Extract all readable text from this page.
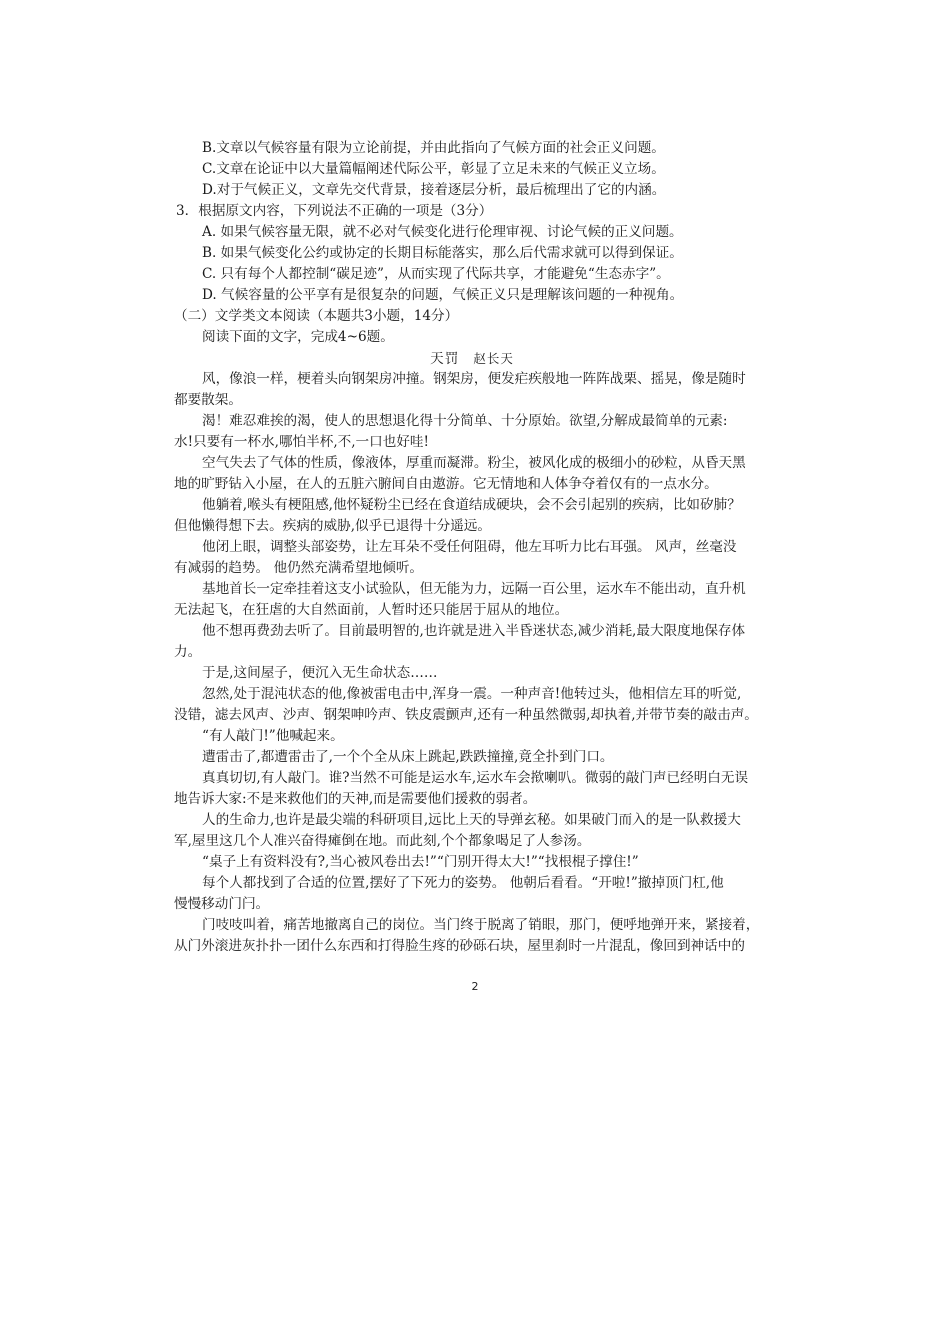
B.文章以气候容量有限为立论前提，并由此指向了气候方面的社会正义问题。
C.文章在论证中以大量篇幅阐述代际公平，彰显了立足未来的气候正义立场。
D.对于气候正义，文章先交代背景，接着逐层分析，最后梳理出了它的内涵。
3．根据原文内容，下列说法不正确的一项是（3分）
A. 如果气候容量无限，就不必对气候变化进行伦理审视、讨论气候的正义问题。
B. 如果气候变化公约或协定的长期目标能落实，那么后代需求就可以得到保证。
C. 只有每个人都控制“碳足迹”，从而实现了代际共享，才能避免“生态赤字”。
D. 气候容量的公平享有是很复杂的问题，气候正义只是理解该问题的一种视角。
（二）文学类文本阅读（本题共3小题，14分）
阅读下面的文字，完成4~6题。
天罚 赵长天
风，像浪一样，梗着头向钢架房冲撞。钢架房，便发疟疾般地一阵阵战栗、摇晃，像是随时
都要散架。
渴！难忍难挨的渴，使人的思想退化得十分简单、十分原始。欲望,分解成最简单的元素:
水!只要有一杯水,哪怕半杯,不,一口也好哇!
空气失去了气体的性质，像液体，厚重而凝滞。粉尘，被风化成的极细小的砂粒，从昏天黑
地的旷野钻入小屋，在人的五脏六腑间自由遨游。它无情地和人体争夺着仅有的一点水分。
他躺着,喉头有梗阻感,他怀疑粉尘已经在食道结成硬块，会不会引起别的疾病，比如矽肺？
但他懒得想下去。疾病的威胁,似乎已退得十分遥远。
他闭上眼，调整头部姿势，让左耳朵不受任何阻碍，他左耳听力比右耳强。 风声，丝毫没
有减弱的趋势。 他仍然充满希望地倾听。
基地首长一定牵挂着这支小试验队，但无能为力，远隔一百公里，运水车不能出动，直升机
无法起飞，在狂虐的大自然面前，人暂时还只能居于屈从的地位。
他不想再费劲去听了。目前最明智的,也许就是进入半昏迷状态,减少消耗,最大限度地保存体
力。
于是,这间屋子，便沉入无生命状态……
忽然,处于混沌状态的他,像被雷电击中,浑身一震。一种声音!他转过头，他相信左耳的听觉,
没错，滤去风声、沙声、钢架呻吟声、铁皮震颤声,还有一种虽然微弱,却执着,并带节奏的敲击声。
“有人敲门!”他喊起来。
遭雷击了,都遭雷击了,一个个全从床上跳起,跌跌撞撞,竟全扑到门口。
真真切切,有人敲门。谁?当然不可能是运水车,运水车会揿喇叭。微弱的敲门声已经明白无误
地告诉大家:不是来救他们的天神,而是需要他们援救的弱者。
人的生命力,也许是最尖端的科研项目,远比上天的导弹玄秘。如果破门而入的是一队救援大
军,屋里这几个人准兴奋得瘫倒在地。而此刻,个个都象喝足了人参汤。
“桌子上有资料没有?,当心被风卷出去!”“门别开得太大!”“找根棍子撑住!”
每个人都找到了合适的位置,摆好了下死力的姿势。 他朝后看看。“开啦!”撤掉顶门杠,他
慢慢移动门闩。
门吱吱叫着，痛苦地撤离自己的岗位。当门终于脱离了销眼，那门，便呼地弹开来，紧接着，
从门外滚进灰扑扑一团什么东西和打得脸生疼的砂砾石块，屋里刹时一片混乱，像回到神话中的
2
